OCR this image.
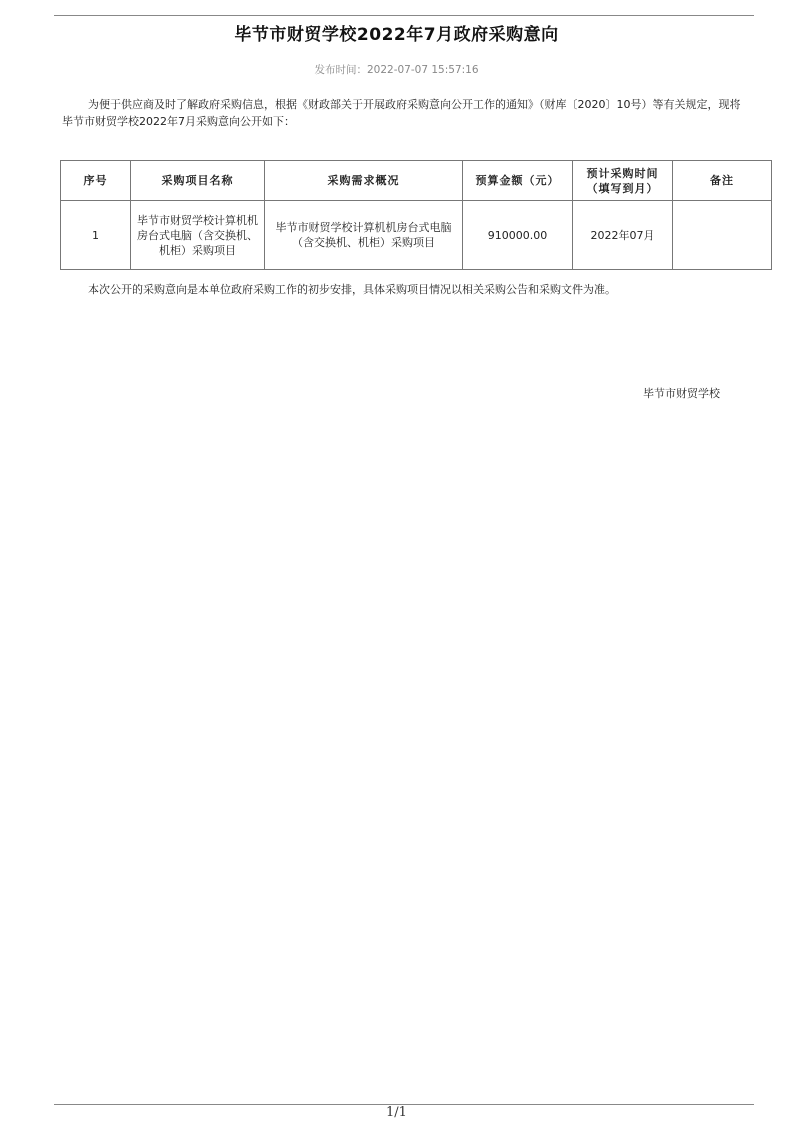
毕节市财贸学校2022年7月政府采购意向
发布时间：2022-07-07 15:57:16

为便于供应商及时了解政府采购信息，根据《财政部关于开展政府采购意向公开工作的通知》（财库〔2020〕10号）等有关规定，现将毕节市财贸学校2022年7月采购意向公开如下：

序号	采购项目名称	采购需求概况	预算金额（元）	预计采购时间（填写到月）	备注
1	毕节市财贸学校计算机机房台式电脑（含交换机、机柜）采购项目	毕节市财贸学校计算机机房台式电脑（含交换机、机柜）采购项目	910000.00	2022年07月	

本次公开的采购意向是本单位政府采购工作的初步安排，具体采购项目情况以相关采购公告和采购文件为准。

毕节市财贸学校
1/1
